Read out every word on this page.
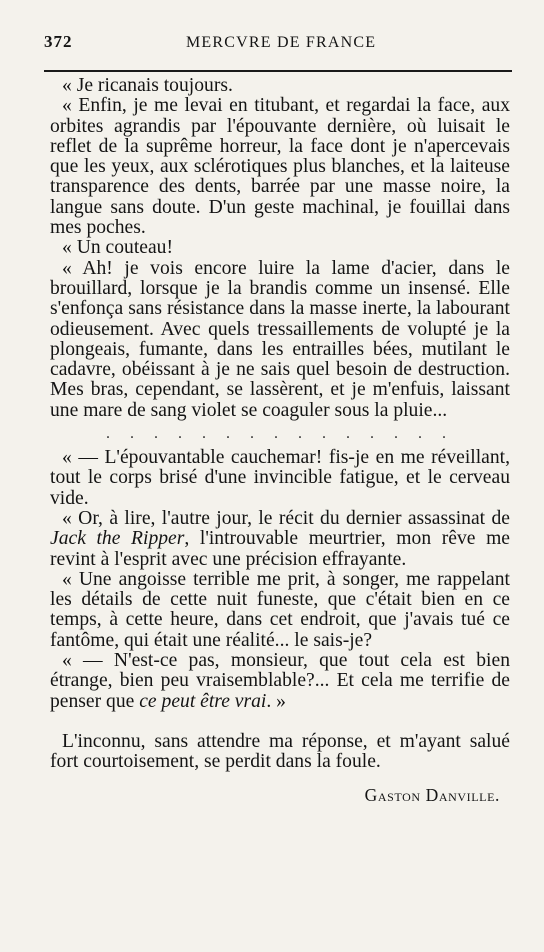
372	MERCVRE DE FRANCE

« Je ricanais toujours.

« Enfin, je me levai en titubant, et regardai la face, aux orbites agrandis par l'épouvante dernière, où luisait le reflet de la suprême horreur, la face dont je n'apercevais que les yeux, aux sclérotiques plus blanches, et la laiteuse transparence des dents, barrée par une masse noire, la langue sans doute. D'un geste machinal, je fouillai dans mes poches.

« Un couteau!

« Ah! je vois encore luire la lame d'acier, dans le brouillard, lorsque je la brandis comme un insensé. Elle s'enfonça sans résistance dans la masse inerte, la labourant odieusement. Avec quels tressaillements de volupté je la plongeais, fumante, dans les entrailles bées, mutilant le cadavre, obéissant à je ne sais quel besoin de destruction. Mes bras, cependant, se lassèrent, et je m'enfuis, laissant une mare de sang violet se coaguler sous la pluie...

. . . . . . . . . . . . . . .

« — L'épouvantable cauchemar! fis-je en me réveillant, tout le corps brisé d'une invincible fatigue, et le cerveau vide.

« Or, à lire, l'autre jour, le récit du dernier assassinat de Jack the Ripper, l'introuvable meurtrier, mon rêve me revint à l'esprit avec une précision effrayante.

« Une angoisse terrible me prit, à songer, me rappelant les détails de cette nuit funeste, que c'était bien en ce temps, à cette heure, dans cet endroit, que j'avais tué ce fantôme, qui était une réalité... le sais-je?

« — N'est-ce pas, monsieur, que tout cela est bien étrange, bien peu vraisemblable?... Et cela me terrifie de penser que ce peut être vrai. »

L'inconnu, sans attendre ma réponse, et m'ayant salué fort courtoisement, se perdit dans la foule.

Gaston Danville.
